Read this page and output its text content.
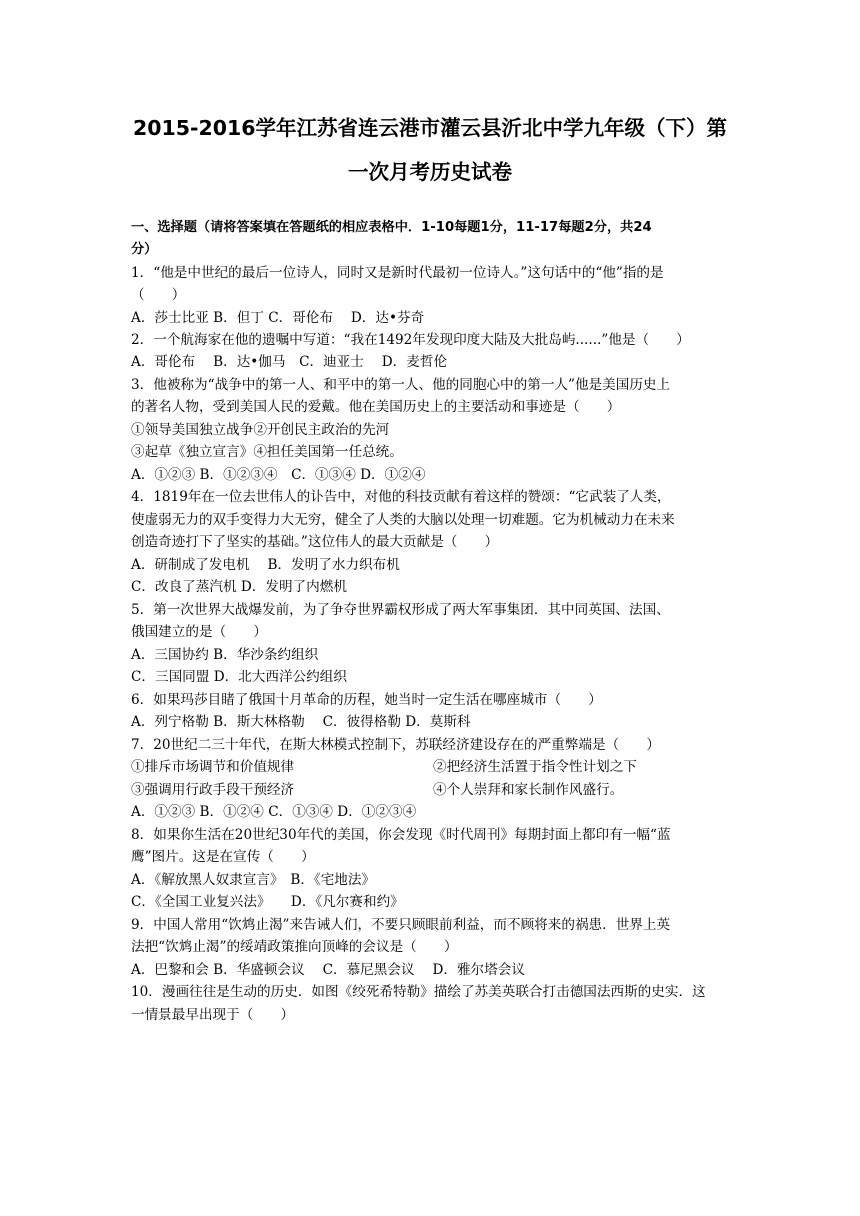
2015-2016学年江苏省连云港市灌云县沂北中学九年级（下）第
一次月考历史试卷
一、选择题（请将答案填在答题纸的相应表格中．1-10每题1分，11-17每题2分，共24
分）
1．“他是中世纪的最后一位诗人，同时又是新时代最初一位诗人。”这句话中的“他”指的是
（　　）
A．莎士比亚 B．但丁 C．哥伦布　 D．达•芬奇
2．一个航海家在他的遗嘱中写道：“我在1492年发现印度大陆及大批岛屿......”他是（　　）
A．哥伦布　 B．达•伽马　C．迪亚士　 D．麦哲伦
3．他被称为“战争中的第一人、和平中的第一人、他的同胞心中的第一人”他是美国历史上
的著名人物，受到美国人民的爱戴。他在美国历史上的主要活动和事迹是（　　）
①领导美国独立战争②开创民主政治的先河
③起草《独立宣言》④担任美国第一任总统。
A．①②③ B．①②③④　C．①③④ D．①②④
4．1819年在一位去世伟人的讣告中，对他的科技贡献有着这样的赞颂：“它武装了人类，
使虚弱无力的双手变得力大无穷，健全了人类的大脑以处理一切难题。它为机械动力在未来
创造奇迹打下了坚实的基础。”这位伟人的最大贡献是（　　）
A．研制成了发电机　 B．发明了水力织布机
C．改良了蒸汽机 D．发明了内燃机
5．第一次世界大战爆发前，为了争夺世界霸权形成了两大军事集团．其中同英国、法国、
俄国建立的是（　　）
A．三国协约 B．华沙条约组织
C．三国同盟 D．北大西洋公约组织
6．如果玛莎目睹了俄国十月革命的历程，她当时一定生活在哪座城市（　　）
A．列宁格勒 B．斯大林格勒　 C．彼得格勒 D．莫斯科
7．20世纪二三十年代，在斯大林模式控制下，苏联经济建设存在的严重弊端是（　　）
①排斥市场调节和价值规律	②把经济生活置于指令性计划之下
③强调用行政手段干预经济	④个人崇拜和家长制作风盛行。
A．①②③ B．①②④ C．①③④ D．①②③④
8．如果你生活在20世纪30年代的美国，你会发现《时代周刊》每期封面上都印有一幅“蓝
鹰”图片。这是在宣传（　　）
A．《解放黑人奴隶宣言》　B．《宅地法》
C．《全国工业复兴法》　　D．《凡尔赛和约》
9．中国人常用“饮鸩止渴”来告诫人们，不要只顾眼前利益，而不顾将来的祸患．世界上英
法把“饮鸩止渴”的绥靖政策推向顶峰的会议是（　　）
A．巴黎和会 B．华盛顿会议　 C．慕尼黑会议　 D．雅尔塔会议
10．漫画往往是生动的历史．如图《绞死希特勒》描绘了苏美英联合打击德国法西斯的史实．这
一情景最早出现于（　　）
